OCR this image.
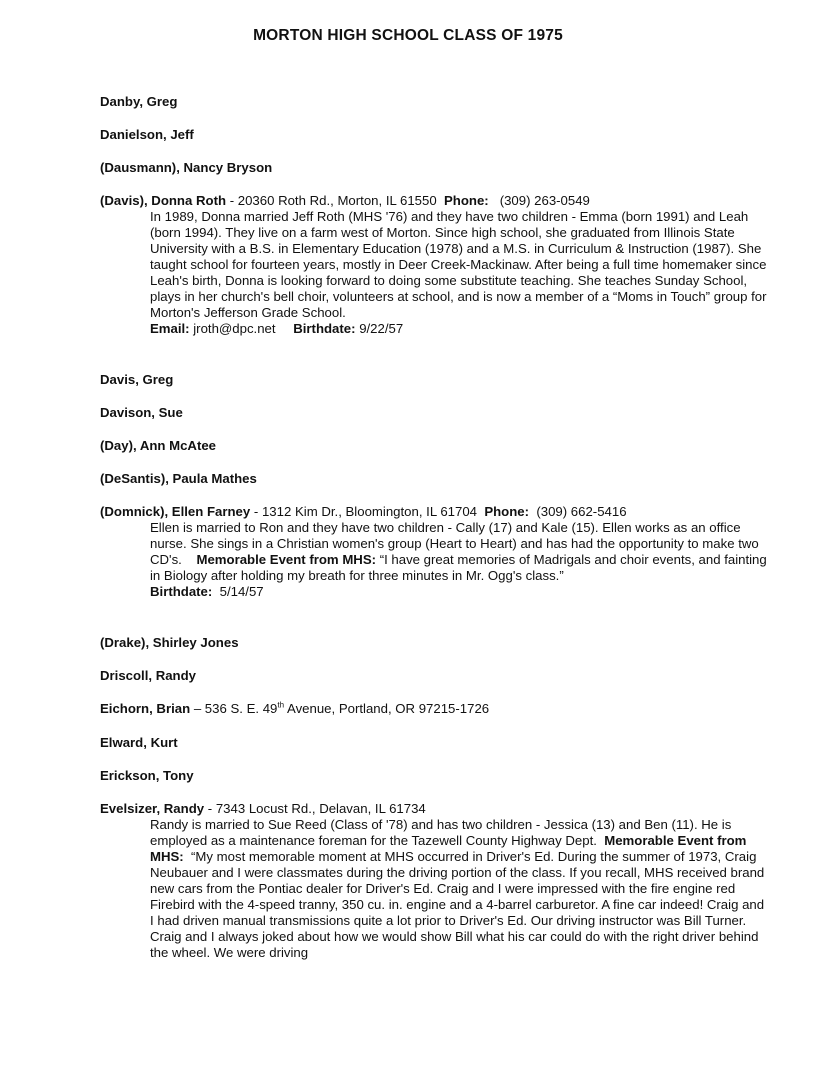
MORTON HIGH SCHOOL CLASS OF 1975
Danby, Greg
Danielson, Jeff
(Dausmann), Nancy Bryson
(Davis), Donna Roth - 20360 Roth Rd., Morton, IL 61550 Phone: (309) 263-0549

In 1989, Donna married Jeff Roth (MHS '76) and they have two children - Emma (born 1991) and Leah (born 1994). They live on a farm west of Morton. Since high school, she graduated from Illinois State University with a B.S. in Elementary Education (1978) and a M.S. in Curriculum & Instruction (1987). She taught school for fourteen years, mostly in Deer Creek-Mackinaw. After being a full time homemaker since Leah's birth, Donna is looking forward to doing some substitute teaching. She teaches Sunday School, plays in her church's bell choir, volunteers at school, and is now a member of a “Moms in Touch” group for Morton's Jefferson Grade School.

Email: jroth@dpc.net Birthdate: 9/22/57
Davis, Greg
Davison, Sue
(Day), Ann McAtee
(DeSantis), Paula Mathes
(Domnick), Ellen Farney - 1312 Kim Dr., Bloomington, IL 61704 Phone: (309) 662-5416

Ellen is married to Ron and they have two children - Cally (17) and Kale (15). Ellen works as an office nurse. She sings in a Christian women's group (Heart to Heart) and has had the opportunity to make two CD's. Memorable Event from MHS: “I have great memories of Madrigals and choir events, and fainting in Biology after holding my breath for three minutes in Mr. Ogg's class.”

Birthdate: 5/14/57

(Drake), Shirley Jones
Driscoll, Randy
Eichorn, Brian – 536 S. E. 49th Avenue, Portland, OR 97215-1726
Elward, Kurt
Erickson, Tony
Evelsizer, Randy - 7343 Locust Rd., Delavan, IL 61734

Randy is married to Sue Reed (Class of '78) and has two children - Jessica (13) and Ben (11). He is employed as a maintenance foreman for the Tazewell County Highway Dept. Memorable Event from MHS: “My most memorable moment at MHS occurred in Driver's Ed. During the summer of 1973, Craig Neubauer and I were classmates during the driving portion of the class. If you recall, MHS received brand new cars from the Pontiac dealer for Driver's Ed. Craig and I were impressed with the fire engine red Firebird with the 4-speed tranny, 350 cu. in. engine and a 4-barrel carburetor. A fine car indeed! Craig and I had driven manual transmissions quite a lot prior to Driver's Ed. Our driving instructor was Bill Turner. Craig and I always joked about how we would show Bill what his car could do with the right driver behind the wheel. We were driving
